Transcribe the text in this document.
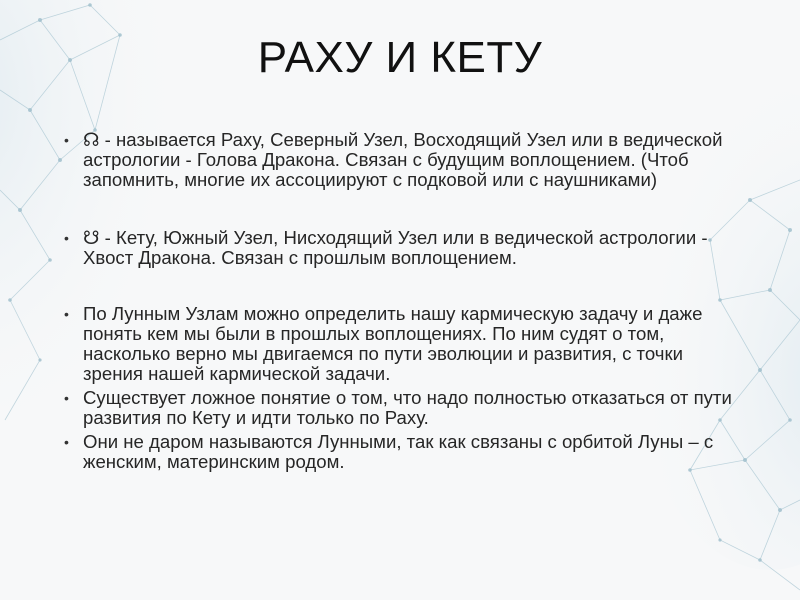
РАХУ И КЕТУ
• ☊ - называется Раху, Северный Узел, Восходящий Узел или в ведической астрологии - Голова Дракона. Связан с будущим воплощением. (Чтоб запомнить, многие их ассоциируют с подковой или с наушниками)
• ☋ - Кету, Южный Узел, Нисходящий Узел или в ведической астрологии - Хвост Дракона. Связан с прошлым воплощением.
• По Лунным Узлам можно определить нашу кармическую задачу и даже понять кем мы были в прошлых воплощениях. По ним судят о том, насколько верно мы двигаемся по пути эволюции и развития, с точки зрения нашей кармической задачи.
• Существует ложное понятие о том, что надо полностью отказаться от пути развития по Кету и идти только по Раху.
• Они не даром называются Лунными, так как связаны с орбитой Луны – с женским, материнским родом.
